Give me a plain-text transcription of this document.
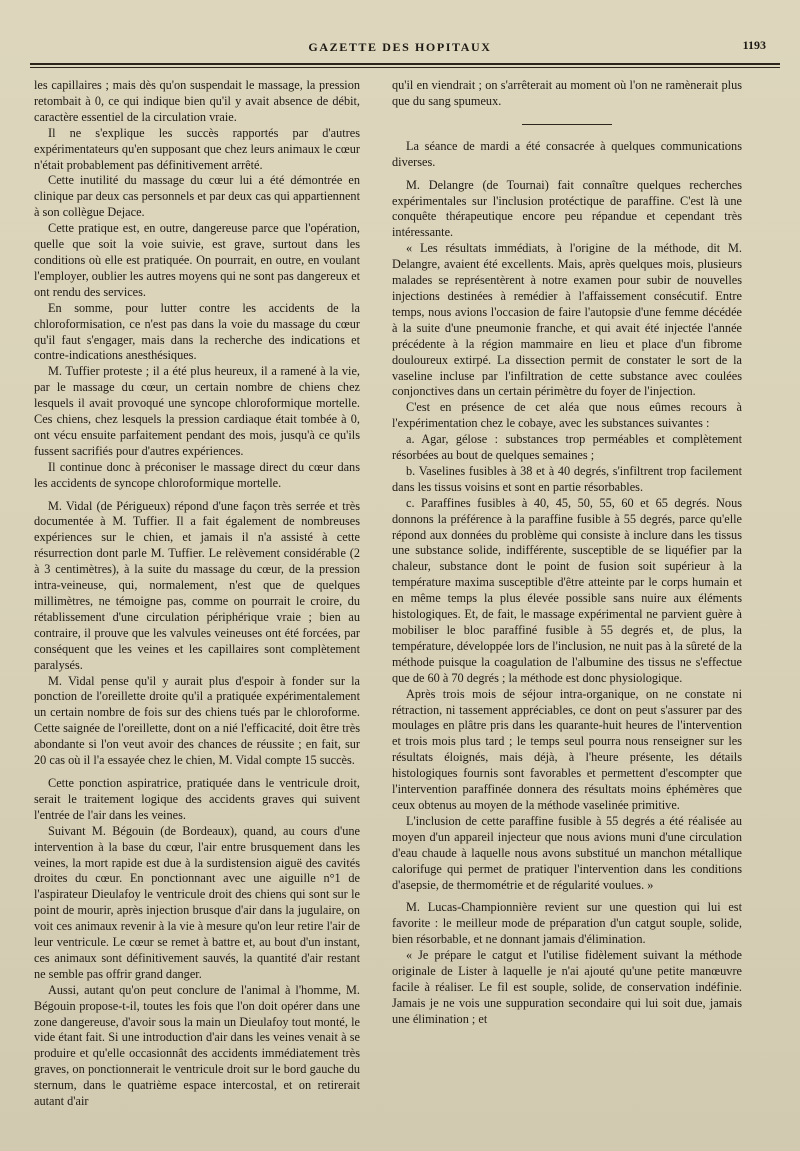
GAZETTE DES HOPITAUX	1193

les capillaires ; mais dès qu'on suspendait le massage, la pression retombait à 0, ce qui indique bien qu'il y avait absence de débit, caractère essentiel de la circulation vraie.

Il ne s'explique les succès rapportés par d'autres expérimentateurs qu'en supposant que chez leurs animaux le cœur n'était probablement pas définitivement arrêté.

Cette inutilité du massage du cœur lui a été démontrée en clinique par deux cas personnels et par deux cas qui appartiennent à son collègue Dejace.

Cette pratique est, en outre, dangereuse parce que l'opération, quelle que soit la voie suivie, est grave, surtout dans les conditions où elle est pratiquée. On pourrait, en outre, en voulant l'employer, oublier les autres moyens qui ne sont pas dangereux et ont rendu des services.

En somme, pour lutter contre les accidents de la chloroformisation, ce n'est pas dans la voie du massage du cœur qu'il faut s'engager, mais dans la recherche des indications et contre-indications anesthésiques.

M. Tuffier proteste ; il a été plus heureux, il a ramené à la vie, par le massage du cœur, un certain nombre de chiens chez lesquels il avait provoqué une syncope chloroformique mortelle. Ces chiens, chez lesquels la pression cardiaque était tombée à 0, ont vécu ensuite parfaitement pendant des mois, jusqu'à ce qu'ils fussent sacrifiés pour d'autres expériences.

Il continue donc à préconiser le massage direct du cœur dans les accidents de syncope chloroformique mortelle.

M. Vidal (de Périgueux) répond d'une façon très serrée et très documentée à M. Tuffier. Il a fait également de nombreuses expériences sur le chien, et jamais il n'a assisté à cette résurrection dont parle M. Tuffier. Le relèvement considérable (2 à 3 centimètres), à la suite du massage du cœur, de la pression intra-veineuse, qui, normalement, n'est que de quelques millimètres, ne témoigne pas, comme on pourrait le croire, du rétablissement d'une circulation périphérique vraie ; bien au contraire, il prouve que les valvules veineuses ont été forcées, par conséquent que les veines et les capillaires sont complètement paralysés.

M. Vidal pense qu'il y aurait plus d'espoir à fonder sur la ponction de l'oreillette droite qu'il a pratiquée expérimentalement un certain nombre de fois sur des chiens tués par le chloroforme. Cette saignée de l'oreillette, dont on a nié l'efficacité, doit être très abondante si l'on veut avoir des chances de réussite ; en fait, sur 20 cas où il l'a essayée chez le chien, M. Vidal compte 15 succès.

Cette ponction aspiratrice, pratiquée dans le ventricule droit, serait le traitement logique des accidents graves qui suivent l'entrée de l'air dans les veines.

Suivant M. Bégouin (de Bordeaux), quand, au cours d'une intervention à la base du cœur, l'air entre brusquement dans les veines, la mort rapide est due à la surdistension aiguë des cavités droites du cœur. En ponctionnant avec une aiguille n°1 de l'aspirateur Dieulafoy le ventricule droit des chiens qui sont sur le point de mourir, après injection brusque d'air dans la jugulaire, on voit ces animaux revenir à la vie à mesure qu'on leur retire l'air de leur ventricule. Le cœur se remet à battre et, au bout d'un instant, ces animaux sont définitivement sauvés, la quantité d'air restant ne semble pas offrir grand danger.

Aussi, autant qu'on peut conclure de l'animal à l'homme, M. Bégouin propose-t-il, toutes les fois que l'on doit opérer dans une zone dangereuse, d'avoir sous la main un Dieulafoy tout monté, le vide étant fait. Si une introduction d'air dans les veines venait à se produire et qu'elle occasionnât des accidents immédiatement très graves, on ponctionnerait le ventricule droit sur le bord gauche du sternum, dans le quatrième espace intercostal, et on retirerait autant d'air

qu'il en viendrait ; on s'arrêterait au moment où l'on ne ramènerait plus que du sang spumeux.

La séance de mardi a été consacrée à quelques communications diverses.

M. Delangre (de Tournai) fait connaître quelques recherches expérimentales sur l'inclusion protéctique de paraffine. C'est là une conquête thérapeutique encore peu répandue et cependant très intéressante.

« Les résultats immédiats, à l'origine de la méthode, dit M. Delangre, avaient été excellents. Mais, après quelques mois, plusieurs malades se représentèrent à notre examen pour subir de nouvelles injections destinées à remédier à l'affaissement consécutif. Entre temps, nous avions l'occasion de faire l'autopsie d'une femme décédée à la suite d'une pneumonie franche, et qui avait été injectée l'année précédente à la région mammaire en lieu et place d'un fibrome douloureux extirpé. La dissection permit de constater le sort de la vaseline incluse par l'infiltration de cette substance avec coulées conjonctives dans un certain périmètre du foyer de l'injection.

C'est en présence de cet aléa que nous eûmes recours à l'expérimentation chez le cobaye, avec les substances suivantes :

a. Agar, gélose : substances trop perméables et complètement résorbées au bout de quelques semaines ;

b. Vaselines fusibles à 38 et à 40 degrés, s'infiltrent trop facilement dans les tissus voisins et sont en partie résorbables.

c. Paraffines fusibles à 40, 45, 50, 55, 60 et 65 degrés. Nous donnons la préférence à la paraffine fusible à 55 degrés, parce qu'elle répond aux données du problème qui consiste à inclure dans les tissus une substance solide, indifférente, susceptible de se liquéfier par la chaleur, substance dont le point de fusion soit supérieur à la température maxima susceptible d'être atteinte par le corps humain et en même temps la plus élevée possible sans nuire aux éléments histologiques. Et, de fait, le massage expérimental ne parvient guère à mobiliser le bloc paraffiné fusible à 55 degrés et, de plus, la température, développée lors de l'inclusion, ne nuit pas à la sûreté de la méthode puisque la coagulation de l'albumine des tissus ne s'effectue que de 60 à 70 degrés ; la méthode est donc physiologique.

Après trois mois de séjour intra-organique, on ne constate ni rétraction, ni tassement appréciables, ce dont on peut s'assurer par des moulages en plâtre pris dans les quarante-huit heures de l'intervention et trois mois plus tard ; le temps seul pourra nous renseigner sur les résultats éloignés, mais déjà, à l'heure présente, les détails histologiques fournis sont favorables et permettent d'escompter que l'intervention paraffinée donnera des résultats moins éphémères que ceux obtenus au moyen de la méthode vaselinée primitive.

L'inclusion de cette paraffine fusible à 55 degrés a été réalisée au moyen d'un appareil injecteur que nous avions muni d'une circulation d'eau chaude à laquelle nous avons substitué un manchon métallique calorifuge qui permet de pratiquer l'intervention dans les conditions d'asepsie, de thermométrie et de régularité voulues. »

M. Lucas-Championnière revient sur une question qui lui est favorite : le meilleur mode de préparation d'un catgut souple, solide, bien résorbable, et ne donnant jamais d'élimination.

« Je prépare le catgut et l'utilise fidèlement suivant la méthode originale de Lister à laquelle je n'ai ajouté qu'une petite manœuvre facile à réaliser. Le fil est souple, solide, de conservation indéfinie. Jamais je ne vois une suppuration secondaire qui lui soit due, jamais une élimination ; et
